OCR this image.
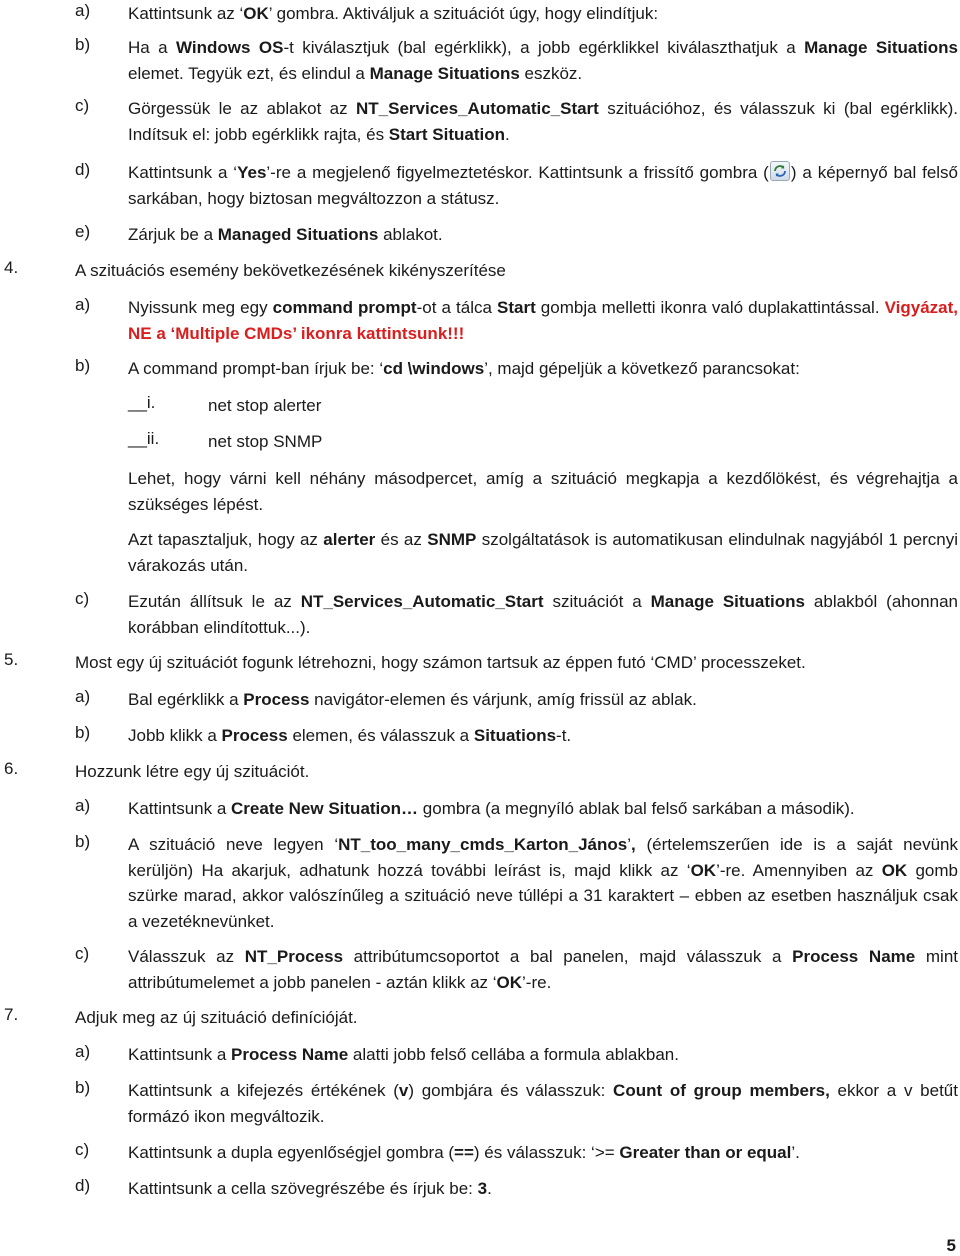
a)	Kattintsunk az ‘OK’ gombra. Aktiváljuk a szituációt úgy, hogy elindítjuk:
b)	Ha a Windows OS-t kiválasztjuk (bal egérklikk), a jobb egérklikkel kiválaszthatjuk a Manage Situations elemet. Tegyük ezt, és elindul a Manage Situations eszköz.
c)	Görgessük le az ablakot az NT_Services_Automatic_Start szituációhoz, és válasszuk ki (bal egérklikk). Indítsuk el: jobb egérklikk rajta, és Start Situation.
d)	Kattintsunk a ‘Yes’-re a megjelenő figyelmeztetéskor. Kattintsunk a frissítő gombra ( ) a képernyő bal felső sarkában, hogy biztosan megváltozzon a státusz.
e)	Zárjuk be a Managed Situations ablakot.
4.	A szituációs esemény bekövetkezésének kikényszerítése
a)	Nyissunk meg egy command prompt-ot a tálca Start gombja melletti ikonra való duplakattintással. Vigyázat, NE a ‘Multiple CMDs’ ikonra kattintsunk!!!
b)	A command prompt-ban írjuk be: ‘cd \windows’, majd gépeljük a következő parancsokat:
__i.	net stop alerter
__ii.	net stop SNMP
Lehet, hogy várni kell néhány másodpercet, amíg a szituáció megkapja a kezdőlökést, és végrehajtja a szükséges lépést.
Azt tapasztaljuk, hogy az alerter és az SNMP szolgáltatások is automatikusan elindulnak nagyjából 1 percnyi várakozás után.
c)	Ezután állítsuk le az NT_Services_Automatic_Start szituációt a Manage Situations ablakból (ahonnan korábban elindítottuk...).
5.	Most egy új szituációt fogunk létrehozni, hogy számon tartsuk az éppen futó ‘CMD’ processzeket.
a)	Bal egérklikk a Process navigátor-elemen és várjunk, amíg frissül az ablak.
b)	Jobb klikk a Process elemen, és válasszuk a Situations-t.
6.	Hozzunk létre egy új szituációt.
a)	Kattintsunk a Create New Situation… gombra (a megnyíló ablak bal felső sarkában a második).
b)	A szituáció neve legyen ‘NT_too_many_cmds_Karton_János’, (értelemszerűen ide is a saját nevünk kerüljön) Ha akarjuk, adhatunk hozzá további leírást is, majd klikk az ‘OK’-re. Amennyiben az OK gomb szürke marad, akkor valószínűleg a szituáció neve túllépi a 31 karaktert – ebben az esetben használjuk csak a vezetéknevünket.
c)	Válasszuk az NT_Process attribútumcsoportot a bal panelen, majd válasszuk a Process Name mint attribútumelemet a jobb panelen - aztán klikk az ‘OK’-re.
7.	Adjuk meg az új szituáció definícióját.
a)	Kattintsunk a Process Name alatti jobb felső cellába a formula ablakban.
b)	Kattintsunk a kifejezés értékének (v) gombjára és válasszuk: Count of group members, ekkor a v betűt formázó ikon megváltozik.
c)	Kattintsunk a dupla egyenlőségjel gombra (==) és válasszuk: ‘>= Greater than or equal’.
d)	Kattintsunk a cella szövegrészébe és írjuk be: 3.
5
